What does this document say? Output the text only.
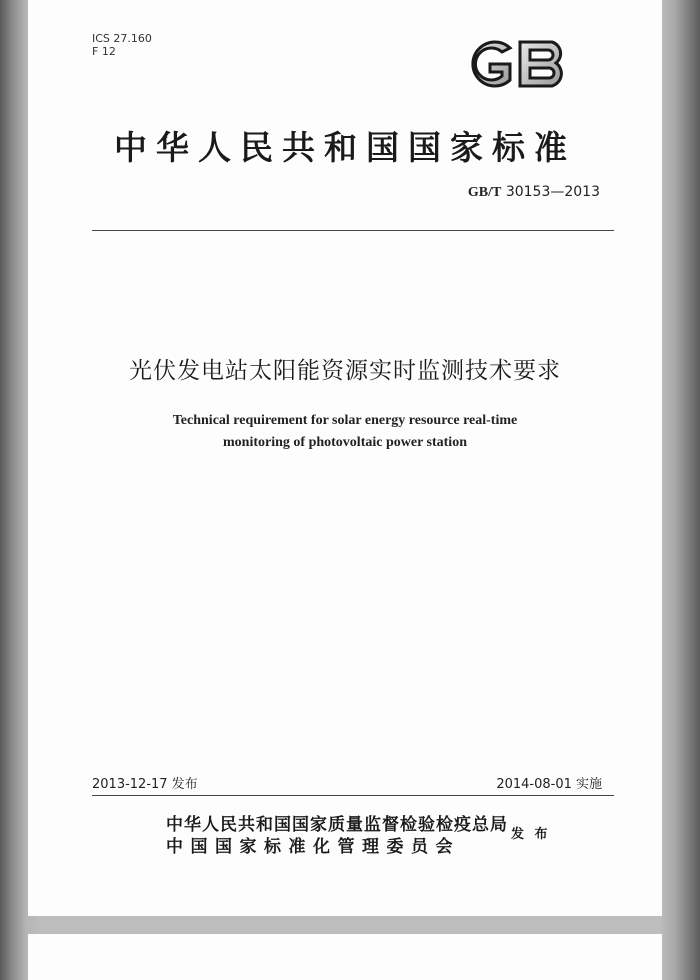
ICS 27.160
F 12
中华人民共和国国家标准
GB/T 30153—2013
光伏发电站太阳能资源实时监测技术要求
Technical requirement for solar energy resource real-time
monitoring of photovoltaic power station
2013-12-17 发布	2014-08-01 实施
中华人民共和国国家质量监督检验检疫总局
中国国家标准化管理委员会
发 布
